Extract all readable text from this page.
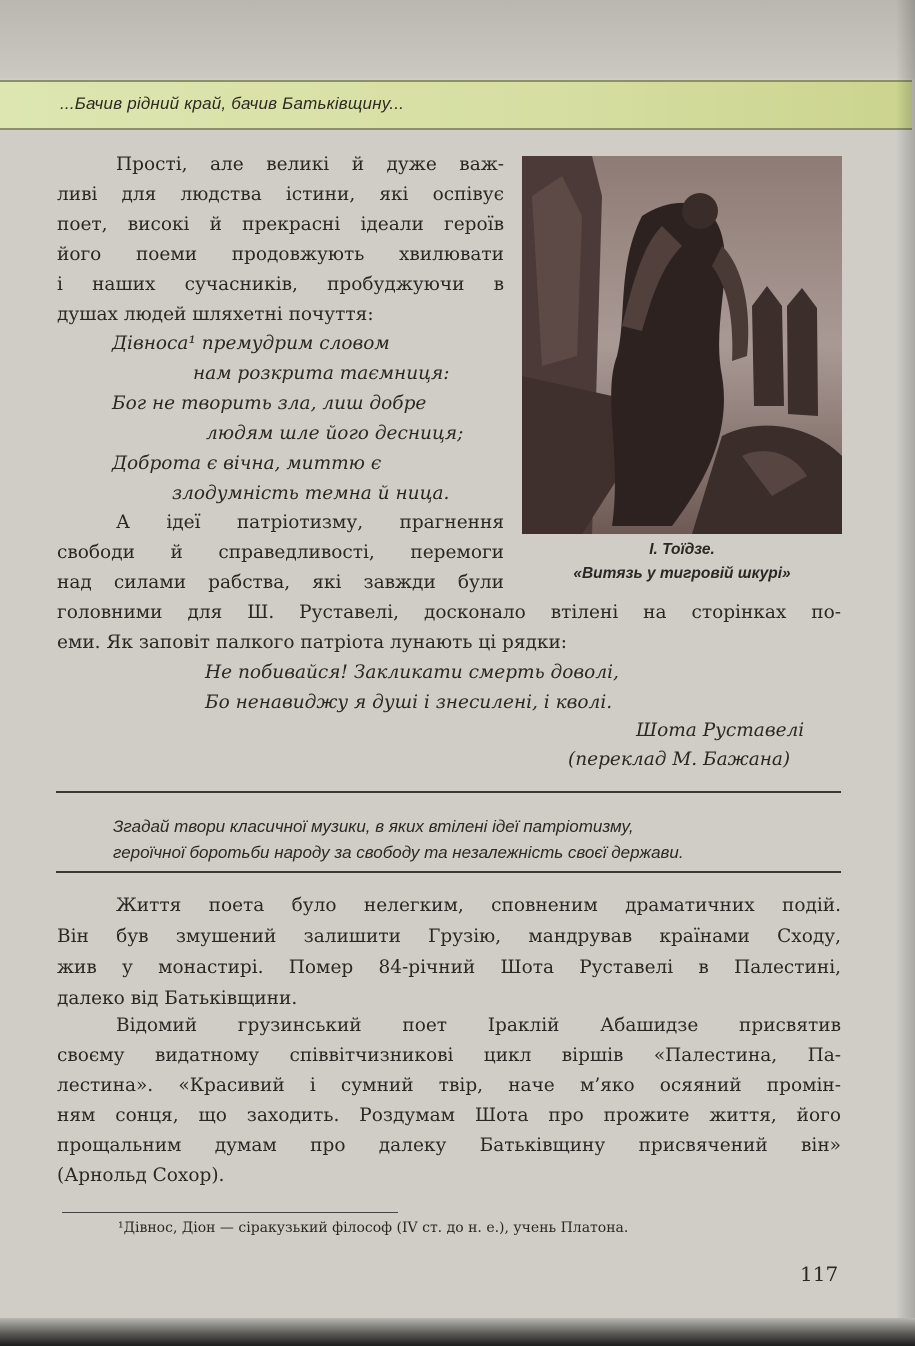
...Бачив рідний край, бачив Батьківщину...
Прості, але великі й дуже важ-
ливі для людства істини, які оспівує
поет, високі й прекрасні ідеали героїв
його поеми продовжують хвилювати
і наших сучасників, пробуджуючи в
душах людей шляхетні почуття:
Дівноса¹ премудрим словом
нам розкрита таємниця:
Бог не творить зла, лиш добре
людям шле його десниця;
Доброта є вічна, миттю є
злодумність темна й ница.
А ідеї патріотизму, прагнення
свободи й справедливості, перемоги
над силами рабства, які завжди були
головними для Ш. Руставелі, досконало втілені на сторінках по-
еми. Як заповіт палкого патріота лунають ці рядки:
І. Тоїдзе.
«Витязь у тигровій шкурі»
Не побивайся! Закликати смерть доволі,
Бо ненавиджу я душі і знесилені, і кволі.
Шота Руставелі
(переклад М. Бажана)
Згадай твори класичної музики, в яких втілені ідеї патріотизму,
героїчної боротьби народу за свободу та незалежність своєї держави.
Життя поета було нелегким, сповненим драматичних подій.
Він був змушений залишити Грузію, мандрував країнами Сходу,
жив у монастирі. Помер 84-річний Шота Руставелі в Палестині,
далеко від Батьківщини.
Відомий грузинський поет Іраклій Абашидзе присвятив
своєму видатному співвітчизникові цикл віршів «Палестина, Па-
лестина». «Красивий і сумний твір, наче м’яко осяяний промін-
ням сонця, що заходить. Роздумам Шота про прожите життя, його
прощальним думам про далеку Батьківщину присвячений він»
(Арнольд Сохор).
¹Дівнос, Діон — сіракузький філософ (IV ст. до н. е.), учень Платона.
117
